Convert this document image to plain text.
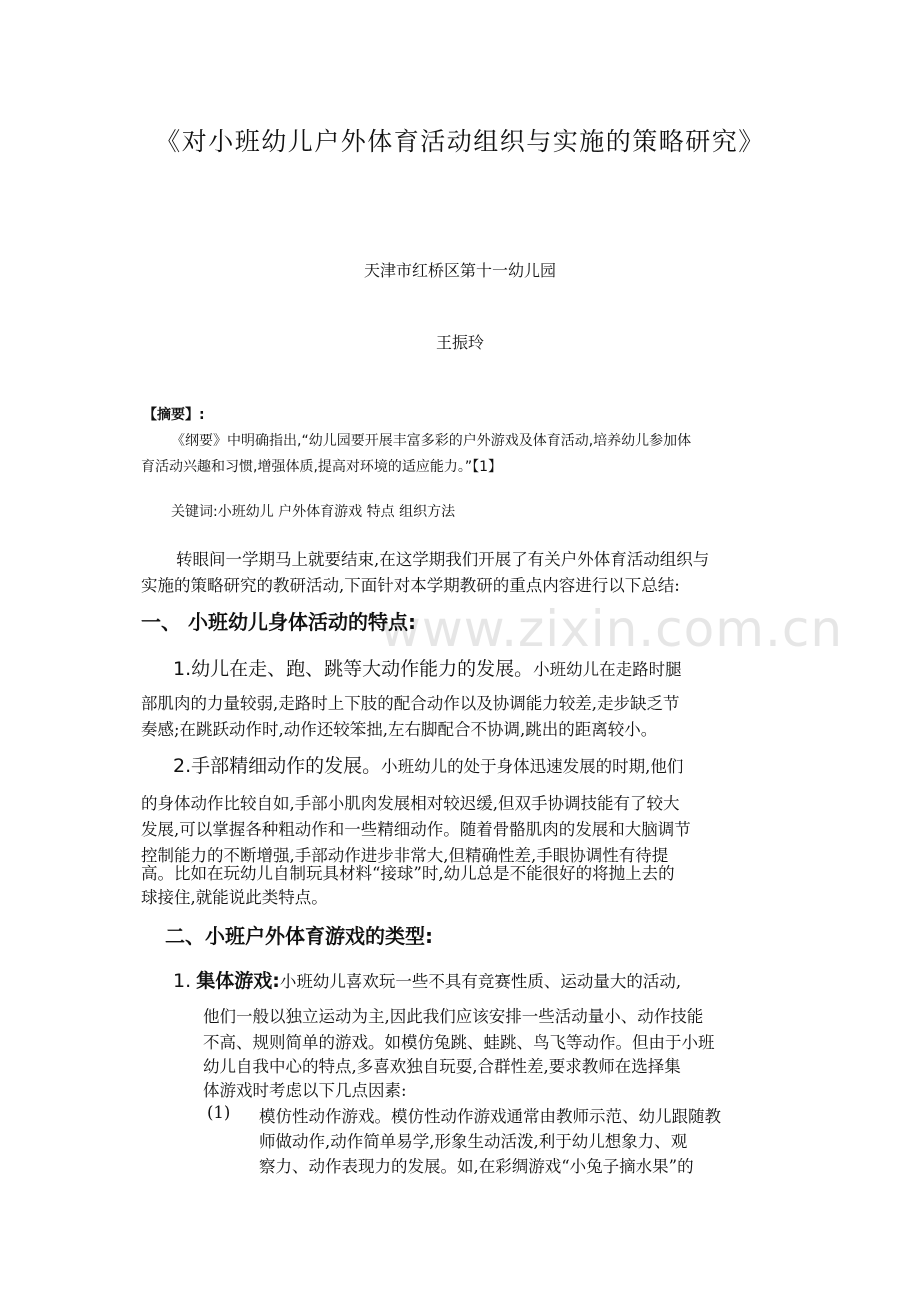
www.zixin.com.cn
《对小班幼儿户外体育活动组织与实施的策略研究》
天津市红桥区第十一幼儿园
王振玲
【摘要】:
《纲要》中明确指出,“幼儿园要开展丰富多彩的户外游戏及体育活动,培养幼儿参加体
育活动兴趣和习惯,增强体质,提高对环境的适应能力。”【1】
关键词:小班幼儿 户外体育游戏 特点 组织方法
转眼间一学期马上就要结束,在这学期我们开展了有关户外体育活动组织与
实施的策略研究的教研活动,下面针对本学期教研的重点内容进行以下总结:
一、 小班幼儿身体活动的特点:
1.幼儿在走、跑、跳等大动作能力的发展。小班幼儿在走路时腿
部肌肉的力量较弱,走路时上下肢的配合动作以及协调能力较差,走步缺乏节
奏感;在跳跃动作时,动作还较笨拙,左右脚配合不协调,跳出的距离较小。
2.手部精细动作的发展。小班幼儿的处于身体迅速发展的时期,他们
的身体动作比较自如,手部小肌肉发展相对较迟缓,但双手协调技能有了较大
发展,可以掌握各种粗动作和一些精细动作。随着骨骼肌肉的发展和大脑调节
控制能力的不断增强,手部动作进步非常大,但精确性差,手眼协调性有待提
高。比如在玩幼儿自制玩具材料“接球”时,幼儿总是不能很好的将抛上去的
球接住,就能说此类特点。
二、小班户外体育游戏的类型:
1. 集体游戏:小班幼儿喜欢玩一些不具有竞赛性质、运动量大的活动,
他们一般以独立运动为主,因此我们应该安排一些活动量小、动作技能
不高、规则简单的游戏。如模仿兔跳、蛙跳、鸟飞等动作。但由于小班
幼儿自我中心的特点,多喜欢独自玩耍,合群性差,要求教师在选择集
体游戏时考虑以下几点因素:
(1) 模仿性动作游戏。模仿性动作游戏通常由教师示范、幼儿跟随教
师做动作,动作简单易学,形象生动活泼,利于幼儿想象力、观
察力、动作表现力的发展。如,在彩绸游戏“小兔子摘水果”的
